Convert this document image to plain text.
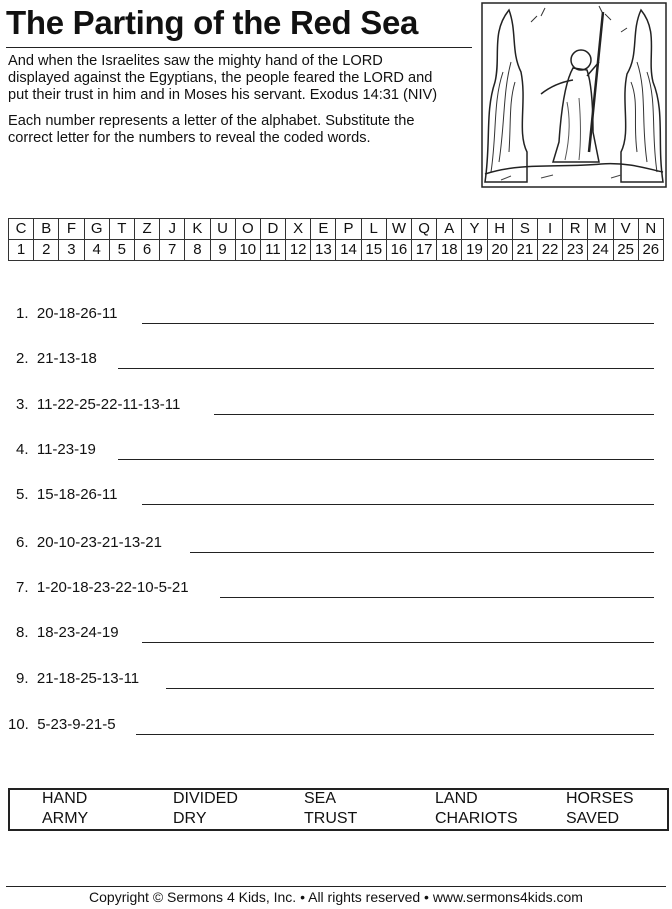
The Parting of the Red Sea
And when the Israelites saw the mighty hand of the LORD
displayed against the Egyptians, the people feared the LORD and
put their trust in him and in Moses his servant. Exodus 14:31 (NIV)
Each number represents a letter of the alphabet. Substitute the
correct letter for the numbers to reveal the coded words.
C	B	F	G	T	Z	J	K	U	O	D	X	E	P	L	W	Q	A	Y	H	S	I	R	M	V	N
1	2	3	4	5	6	7	8	9	10	11	12	13	14	15	16	17	18	19	20	21	22	23	24	25	26
1. 20-18-26-11
2. 21-13-18
3. 11-22-25-22-11-13-11
4. 11-23-19
5. 15-18-26-11
6. 20-10-23-21-13-21
7. 1-20-18-23-22-10-5-21
8. 18-23-24-19
9. 21-18-25-13-11
10. 5-23-9-21-5
HAND	DIVIDED	SEA	LAND	HORSES
ARMY	DRY	TRUST	CHARIOTS	SAVED
Copyright © Sermons 4 Kids, Inc. • All rights reserved • www.sermons4kids.com
